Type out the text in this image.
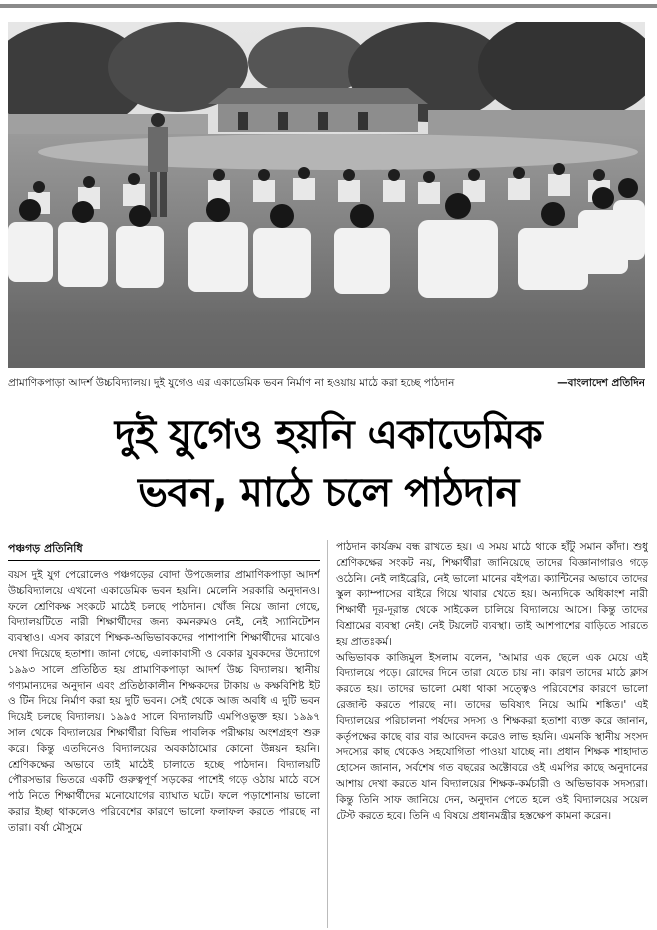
প্রামাণিকপাড়া আদর্শ উচ্চবিদ্যালয়। দুই যুগেও এর একাডেমিক ভবন নির্মাণ না হওয়ায় মাঠে করা হচ্ছে পাঠদান	—বাংলাদেশ প্রতিদিন
দুই যুগেও হয়নি একাডেমিক
ভবন, মাঠে চলে পাঠদান
পঞ্চগড় প্রতিনিধি

বয়স দুই যুগ পেরোলেও পঞ্চগড়ের বোদা উপজেলার প্রামাণিকপাড়া আদর্শ উচ্চবিদ্যালয়ে এখনো একাডেমিক ভবন হয়নি। মেলেনি সরকারি অনুদানও। ফলে শ্রেণিকক্ষ সংকটে মাঠেই চলছে পাঠদান। খোঁজ নিয়ে জানা গেছে, বিদ্যালয়টিতে নারী শিক্ষার্থীদের জন্য কমনরুমও নেই, নেই স্যানিটেশন ব্যবস্থাও। এসব কারণে শিক্ষক-অভিভাবকদের পাশাপাশি শিক্ষার্থীদের মাঝেও দেখা দিয়েছে হতাশা। জানা গেছে, এলাকাবাসী ও বেকার যুবকদের উদ্যোগে ১৯৯৩ সালে প্রতিষ্ঠিত হয় প্রামাণিকপাড়া আদর্শ উচ্চ বিদ্যালয়। স্থানীয় গণ্যমান্যদের অনুদান এবং প্রতিষ্ঠাকালীন শিক্ষকদের টাকায় ৬ কক্ষবিশিষ্ট ইট ও টিন দিয়ে নির্মাণ করা হয় দুটি ভবন। সেই থেকে আজ অবধি এ দুটি ভবন দিয়েই চলছে বিদ্যালয়। ১৯৯৫ সালে বিদ্যালয়টি এমপিওভুক্ত হয়। ১৯৯৭ সাল থেকে বিদ্যালয়ের শিক্ষার্থীরা বিভিন্ন পাবলিক পরীক্ষায় অংশগ্রহণ শুরু করে। কিন্তু এতদিনেও বিদ্যালয়ের অবকাঠামোর কোনো উন্নয়ন হয়নি। শ্রেণিকক্ষের অভাবে তাই মাঠেই চালাতে হচ্ছে পাঠদান। বিদ্যালয়টি পৌরসভার ভিতরে একটি গুরুত্বপূর্ণ সড়কের পাশেই গড়ে ওঠায় মাঠে বসে পাঠ নিতে শিক্ষার্থীদের মনোযোগের ব্যাঘাত ঘটে। ফলে পড়াশোনায় ভালো করার ইচ্ছা থাকলেও পরিবেশের কারণে ভালো ফলাফল করতে পারছে না তারা। বর্ষা মৌসুমে

পাঠদান কার্যক্রম বন্ধ রাখতে হয়। এ সময় মাঠে থাকে হাঁটু সমান কাঁদা। শুধু শ্রেণিকক্ষের সংকট নয়, শিক্ষার্থীরা জানিয়েছে তাদের বিজ্ঞানাগারও গড়ে ওঠেনি। নেই লাইব্রেরি, নেই ভালো মানের বইপত্র। ক্যান্টিনের অভাবে তাদের স্কুল ক্যাম্পাসের বাইরে গিয়ে খাবার খেতে হয়। অন্যদিকে অধিকাংশ নারী শিক্ষার্থী দূর-দূরান্ত থেকে সাইকেল চালিয়ে বিদ্যালয়ে আসে। কিন্তু তাদের বিশ্রামের ব্যবস্থা নেই। নেই টয়লেট ব্যবস্থা। তাই আশপাশের বাড়িতে সারতে হয় প্রাতঃকর্ম।

অভিভাবক কাজিমুল ইসলাম বলেন, 'আমার এক ছেলে এক মেয়ে এই বিদ্যালয়ে পড়ে। রোদের দিনে তারা যেতে চায় না। কারণ তাদের মাঠে ক্লাস করতে হয়। তাদের ভালো মেধা থাকা সত্ত্বেও পরিবেশের কারণে ভালো রেজাল্ট করতে পারছে না। তাদের ভবিষ্যৎ নিয়ে আমি শঙ্কিত।' এই বিদ্যালয়ের পরিচালনা পর্ষদের সদস্য ও শিক্ষকরা হতাশা ব্যক্ত করে জানান, কর্তৃপক্ষের কাছে বার বার আবেদন করেও লাভ হয়নি। এমনকি স্থানীয় সংসদ সদস্যের কাছ থেকেও সহযোগিতা পাওয়া যাচ্ছে না। প্রধান শিক্ষক শাহাদাত হোসেন জানান, সর্বশেষ গত বছরের অক্টোবরে ওই এমপির কাছে অনুদানের আশায় দেখা করতে যান বিদ্যালয়ের শিক্ষক-কর্মচারী ও অভিভাবক সদস্যরা। কিন্তু তিনি সাফ জানিয়ে দেন, অনুদান পেতে হলে ওই বিদ্যালয়ের সয়েল টেস্ট করতে হবে। তিনি এ বিষয়ে প্রধানমন্ত্রীর হস্তক্ষেপ কামনা করেন।
